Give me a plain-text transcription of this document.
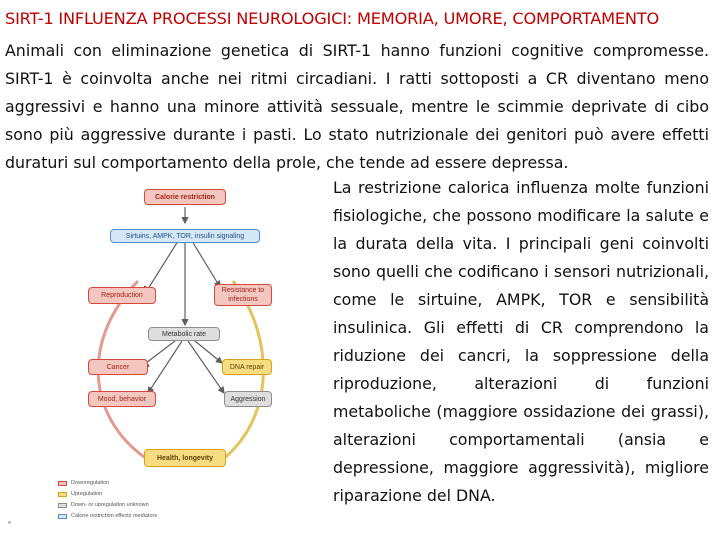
SIRT-1 INFLUENZA PROCESSI NEUROLOGICI: MEMORIA, UMORE, COMPORTAMENTO

Animali con eliminazione genetica di SIRT-1 hanno funzioni cognitive compromesse. SIRT-1 è coinvolta anche nei ritmi circadiani. I ratti sottoposti a CR diventano meno aggressivi e hanno una minore attività sessuale, mentre le scimmie deprivate di cibo sono più aggressive durante i pasti. Lo stato nutrizionale dei genitori può avere effetti duraturi sul comportamento della prole, che tende ad essere depressa.

La restrizione calorica influenza molte funzioni fisiologiche, che possono modificare la salute e la durata della vita. I principali geni coinvolti sono quelli che codificano i sensori nutrizionali, come le sirtuine, AMPK, TOR e sensibilità insulinica. Gli effetti di CR comprendono la riduzione dei cancri, la soppressione della riproduzione, alterazioni di funzioni metaboliche (maggiore ossidazione dei grassi), alterazioni comportamentali (ansia e depressione, maggiore aggressività), migliore riparazione del DNA.

Calorie restriction
Sirtuins, AMPK, TOR, insulin signaling
Reproduction
Resistance to infections
Metabolic rate
Cancer	DNA repair
Mood, behavior	Aggression
Health, longevity
Downregulation
Upregulation
Down- or upregulation unknown
Calorie restriction effects mediators
